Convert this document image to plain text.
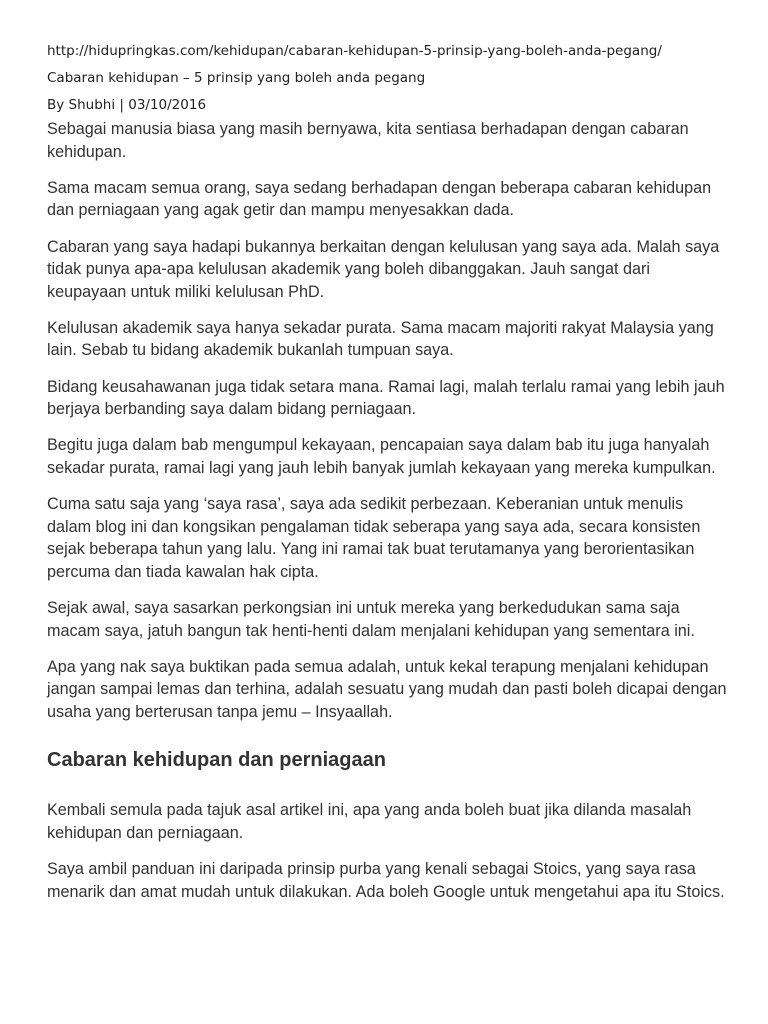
http://hidupringkas.com/kehidupan/cabaran-kehidupan-5-prinsip-yang-boleh-anda-pegang/
Cabaran kehidupan – 5 prinsip yang boleh anda pegang
By Shubhi | 03/10/2016

Sebagai manusia biasa yang masih bernyawa, kita sentiasa berhadapan dengan cabaran kehidupan.

Sama macam semua orang, saya sedang berhadapan dengan beberapa cabaran kehidupan dan perniagaan yang agak getir dan mampu menyesakkan dada.

Cabaran yang saya hadapi bukannya berkaitan dengan kelulusan yang saya ada. Malah saya tidak punya apa-apa kelulusan akademik yang boleh dibanggakan. Jauh sangat dari keupayaan untuk miliki kelulusan PhD.

Kelulusan akademik saya hanya sekadar purata. Sama macam majoriti rakyat Malaysia yang lain. Sebab tu bidang akademik bukanlah tumpuan saya.

Bidang keusahawanan juga tidak setara mana. Ramai lagi, malah terlalu ramai yang lebih jauh berjaya berbanding saya dalam bidang perniagaan.

Begitu juga dalam bab mengumpul kekayaan, pencapaian saya dalam bab itu juga hanyalah sekadar purata, ramai lagi yang jauh lebih banyak jumlah kekayaan yang mereka kumpulkan.

Cuma satu saja yang ‘saya rasa’, saya ada sedikit perbezaan. Keberanian untuk menulis dalam blog ini dan kongsikan pengalaman tidak seberapa yang saya ada, secara konsisten sejak beberapa tahun yang lalu. Yang ini ramai tak buat terutamanya yang berorientasikan percuma dan tiada kawalan hak cipta.

Sejak awal, saya sasarkan perkongsian ini untuk mereka yang berkedudukan sama saja macam saya, jatuh bangun tak henti-henti dalam menjalani kehidupan yang sementara ini.

Apa yang nak saya buktikan pada semua adalah, untuk kekal terapung menjalani kehidupan jangan sampai lemas dan terhina, adalah sesuatu yang mudah dan pasti boleh dicapai dengan usaha yang berterusan tanpa jemu – Insyaallah.

Cabaran kehidupan dan perniagaan

Kembali semula pada tajuk asal artikel ini, apa yang anda boleh buat jika dilanda masalah kehidupan dan perniagaan.

Saya ambil panduan ini daripada prinsip purba yang kenali sebagai Stoics, yang saya rasa menarik dan amat mudah untuk dilakukan. Ada boleh Google untuk mengetahui apa itu Stoics.
